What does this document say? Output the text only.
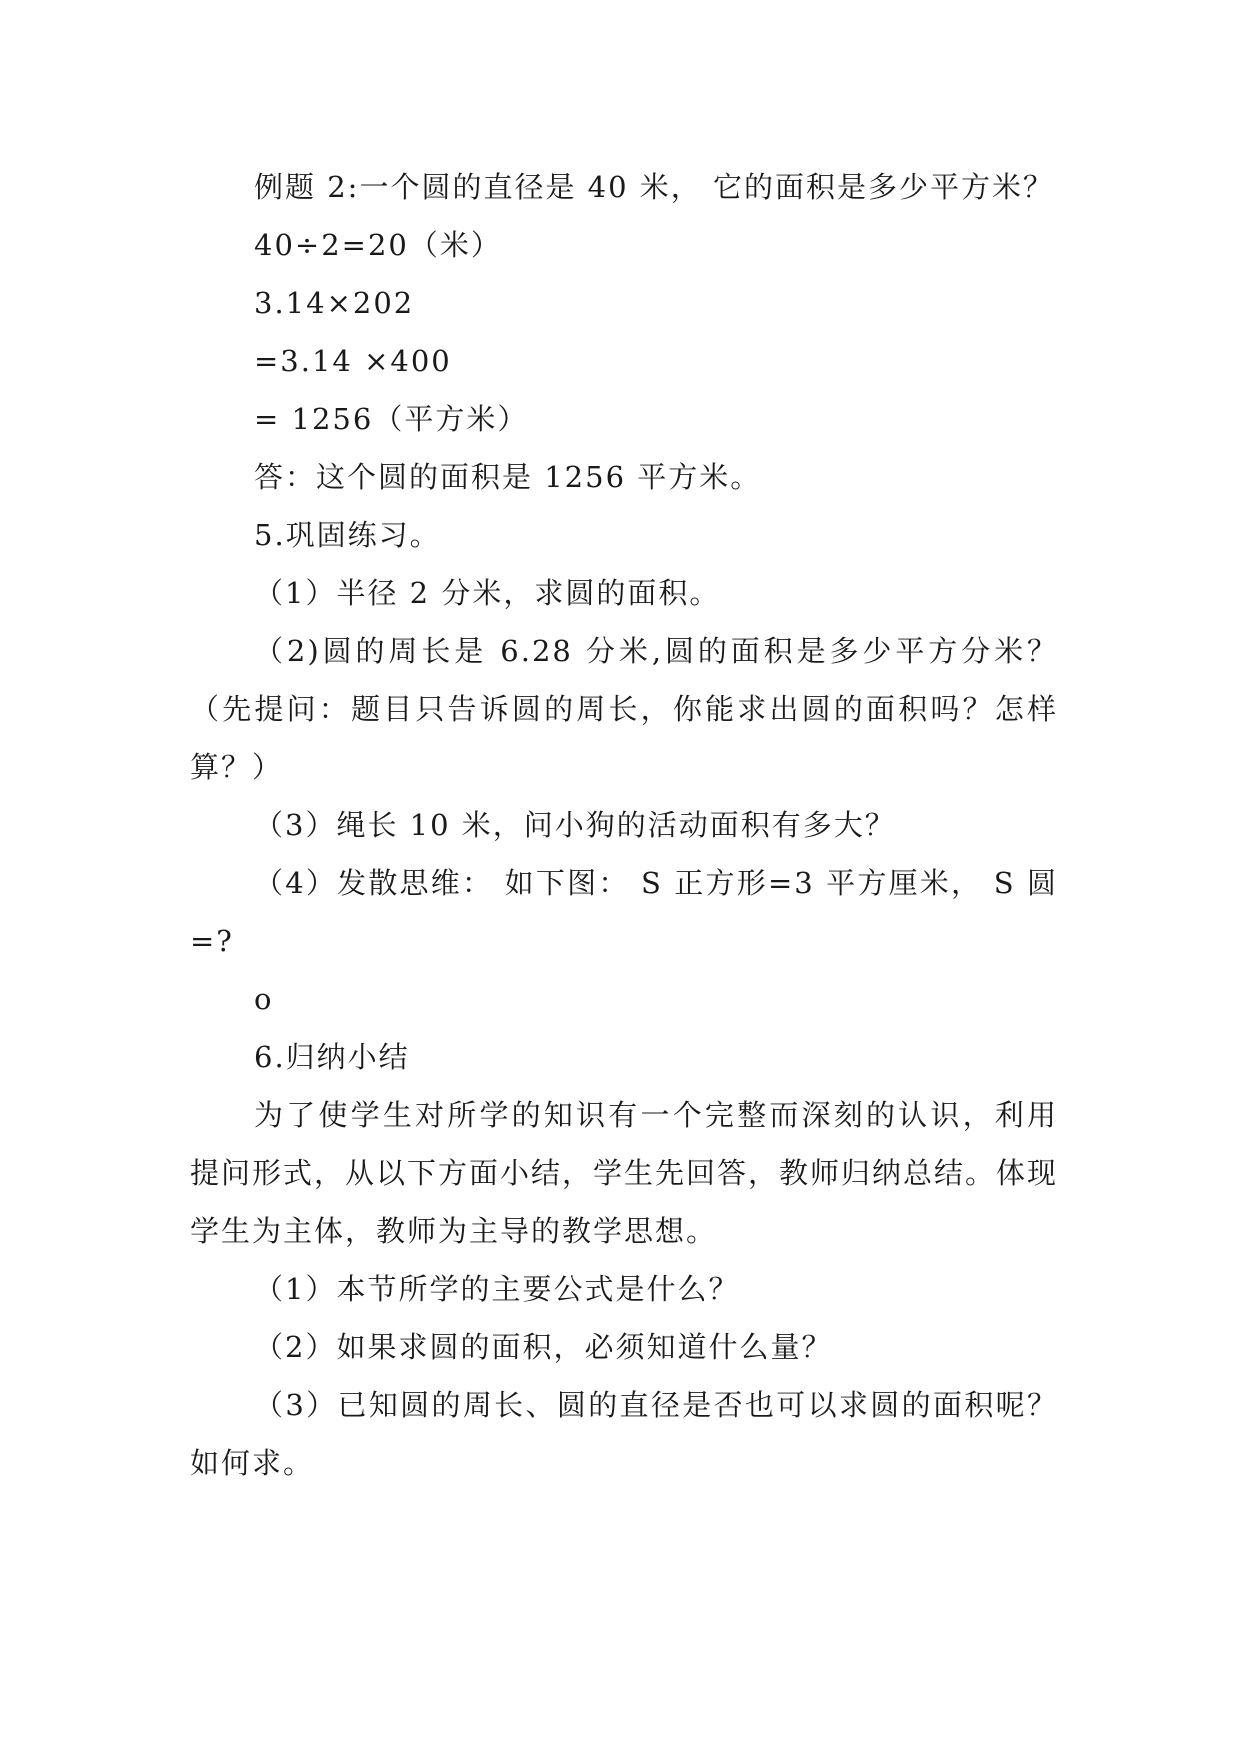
例题 2:一个圆的直径是 40 米， 它的面积是多少平方米？

40÷2=20（米）

3.14×202

=3.14 ×400

= 1256（平方米）

答：这个圆的面积是 1256 平方米。

5.巩固练习。

（1）半径 2 分米，求圆的面积。

（2)圆的周长是 6.28 分米,圆的面积是多少平方分米？（先提问：题目只告诉圆的周长，你能求出圆的面积吗？怎样算？）

（3）绳长 10 米，问小狗的活动面积有多大？

（4）发散思维： 如下图： S 正方形=3 平方厘米， S 圆=?

o

6.归纳小结

为了使学生对所学的知识有一个完整而深刻的认识，利用提问形式，从以下方面小结，学生先回答，教师归纳总结。体现学生为主体，教师为主导的教学思想。

（1）本节所学的主要公式是什么？

（2）如果求圆的面积，必须知道什么量？

（3）已知圆的周长、圆的直径是否也可以求圆的面积呢？如何求。
